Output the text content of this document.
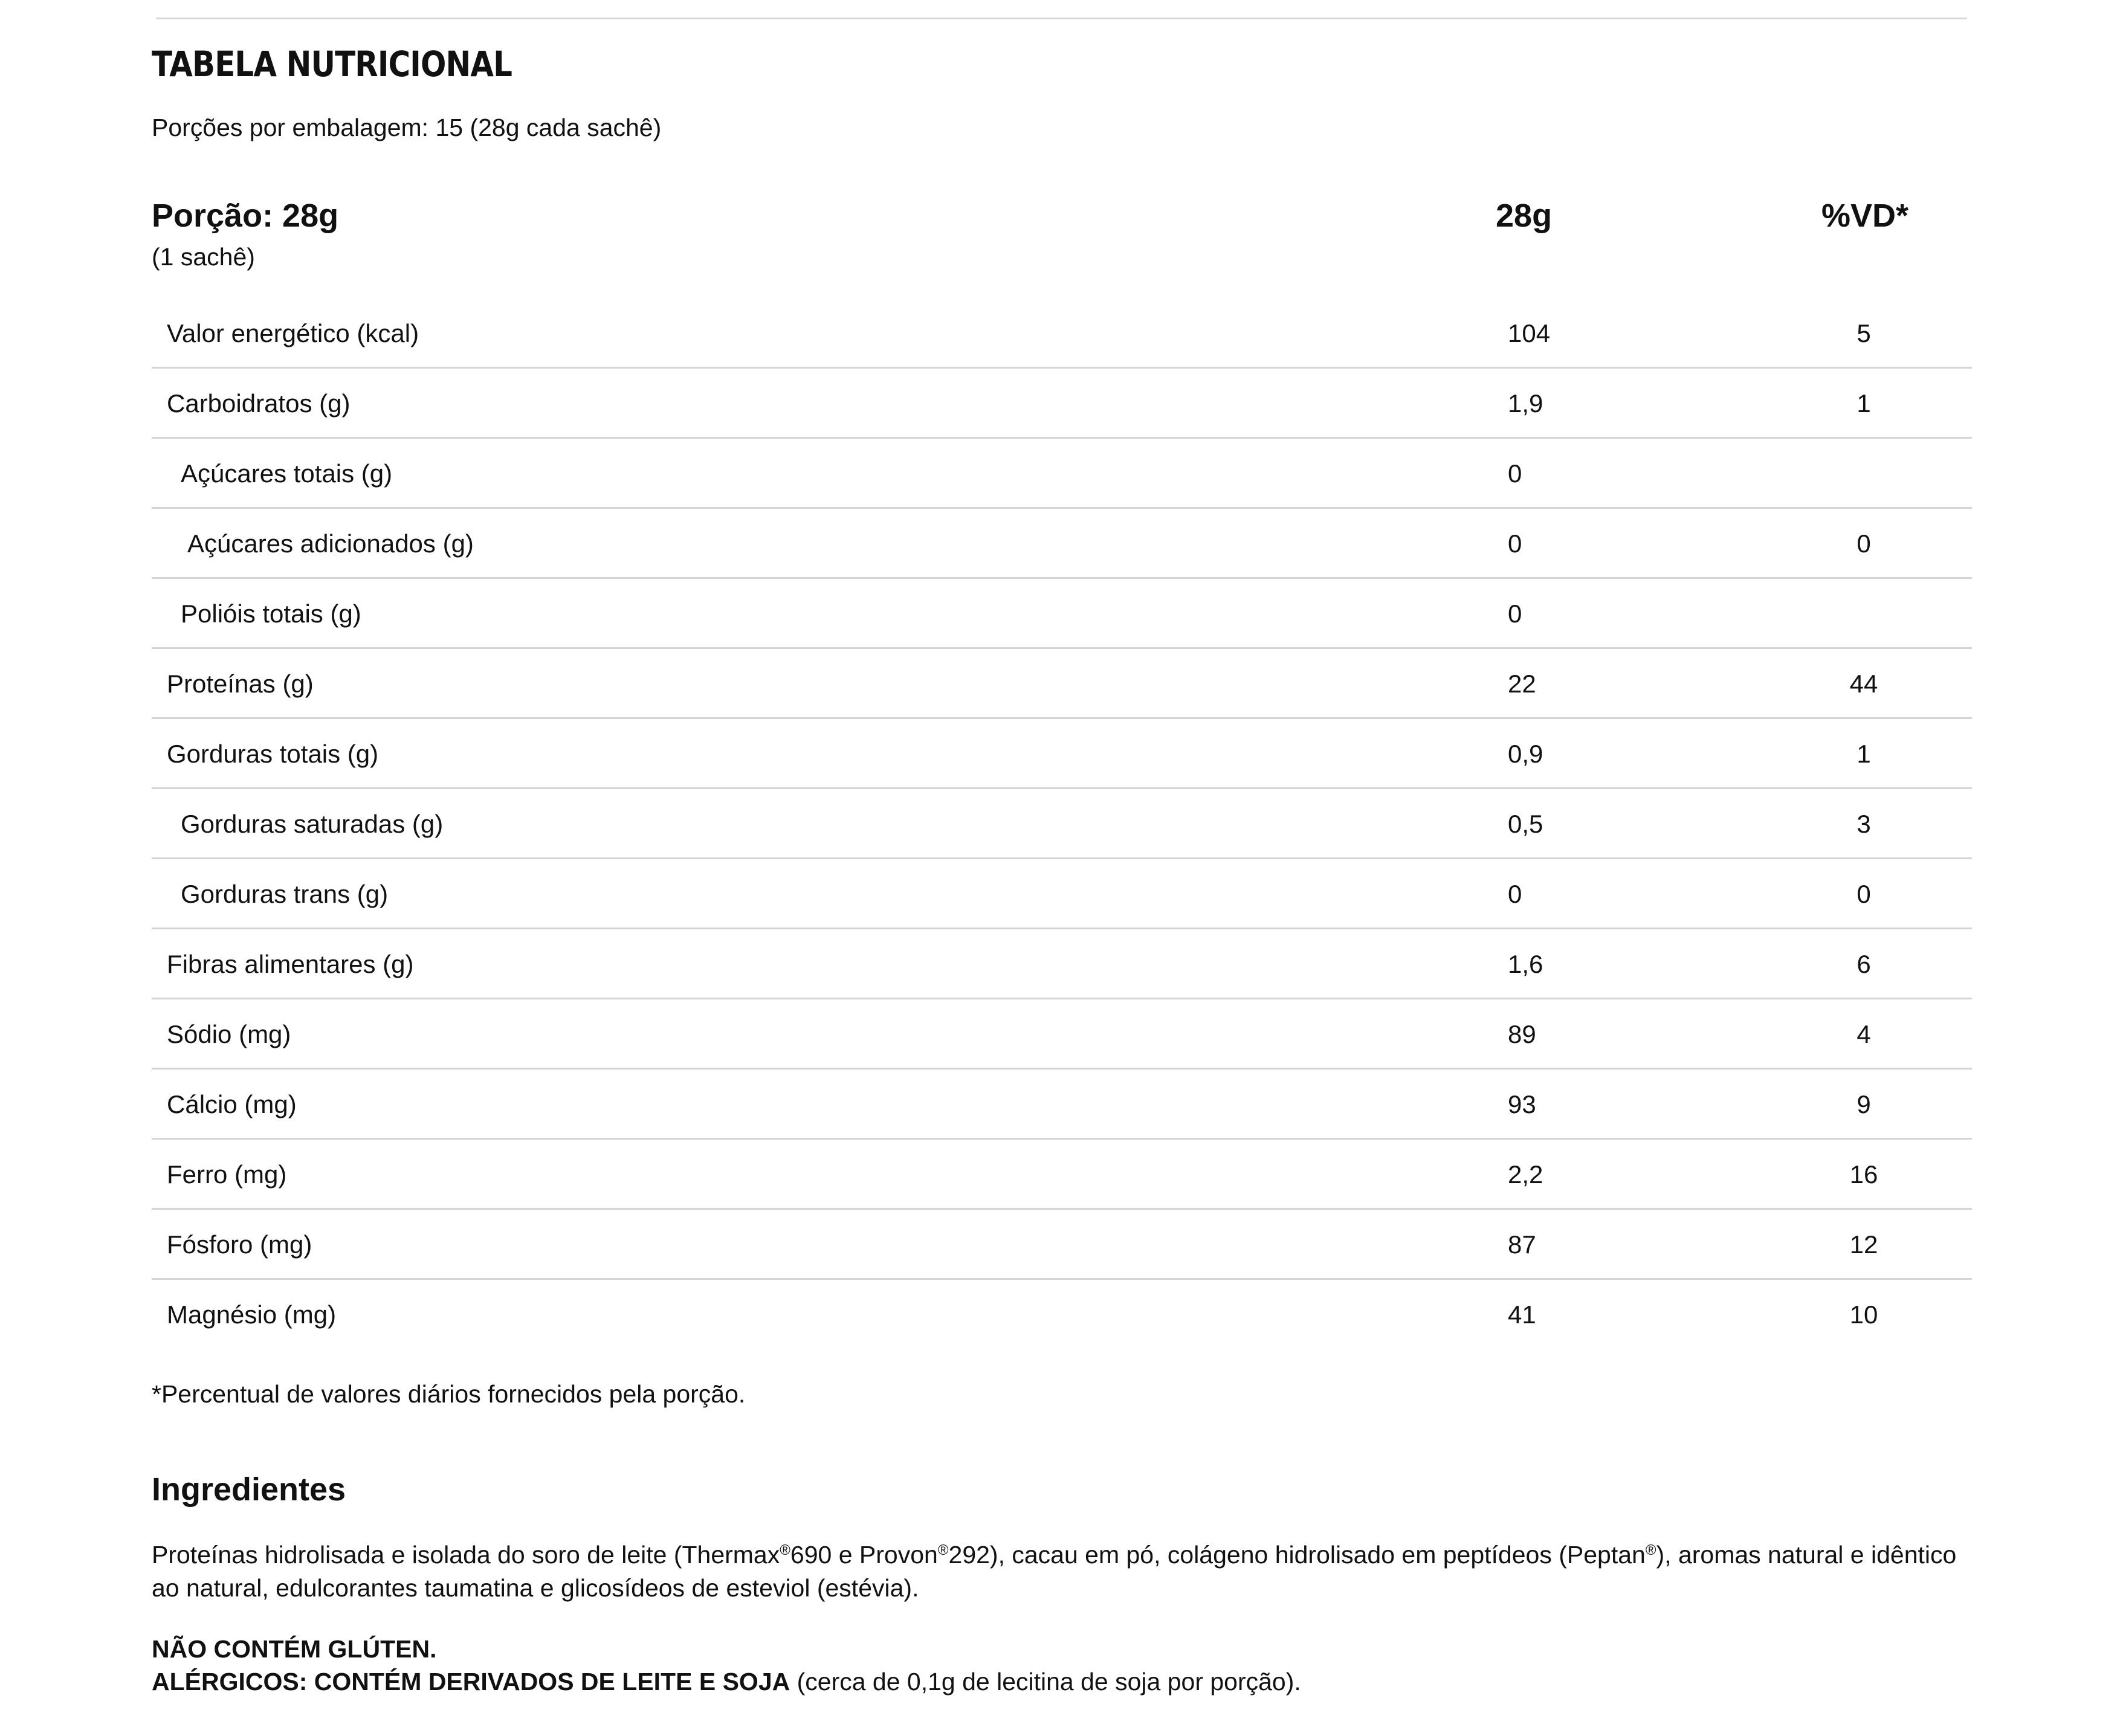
TABELA NUTRICIONAL
Porções por embalagem: 15 (28g cada sachê)
Porção: 28g
(1 sachê)
28g	%VD*
Valor energético (kcal)	104	5
Carboidratos (g)	1,9	1
Açúcares totais (g)	0
Açúcares adicionados (g)	0	0
Polióis totais (g)	0
Proteínas (g)	22	44
Gorduras totais (g)	0,9	1
Gorduras saturadas (g)	0,5	3
Gorduras trans (g)	0	0
Fibras alimentares (g)	1,6	6
Sódio (mg)	89	4
Cálcio (mg)	93	9
Ferro (mg)	2,2	16
Fósforo (mg)	87	12
Magnésio (mg)	41	10
*Percentual de valores diários fornecidos pela porção.
Ingredientes

Proteínas hidrolisada e isolada do soro de leite (Thermax®690 e Provon®292), cacau em pó, colágeno hidrolisado em peptídeos (Peptan®), aromas natural e idêntico ao natural, edulcorantes taumatina e glicosídeos de esteviol (estévia).

NÃO CONTÉM GLÚTEN.
ALÉRGICOS: CONTÉM DERIVADOS DE LEITE E SOJA (cerca de 0,1g de lecitina de soja por porção).
